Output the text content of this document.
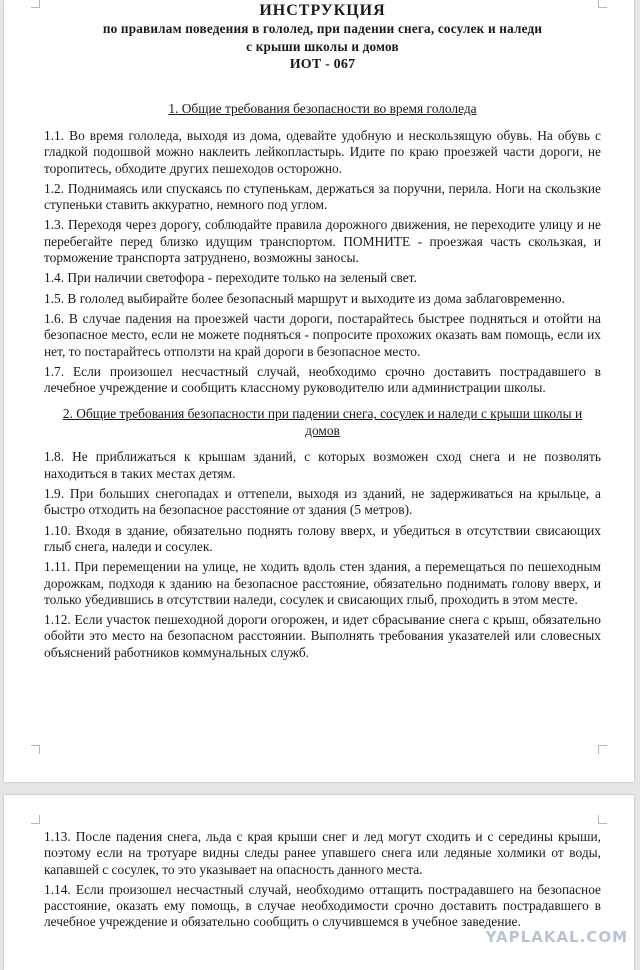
ИНСТРУКЦИЯ
по правилам поведения в гололед, при падении снега, сосулек и наледи
с крыши школы и домов
ИОТ - 067
1. Общие требования безопасности во время гололеда

1.1. Во время гололеда, выходя из дома, одевайте удобную и нескользящую обувь. На обувь с гладкой подошвой можно наклеить лейкопластырь. Идите по краю проезжей части дороги, не торопитесь, обходите других пешеходов осторожно.

1.2. Поднимаясь или спускаясь по ступенькам, держаться за поручни, перила. Ноги на скользкие ступеньки ставить аккуратно, немного под углом.

1.3. Переходя через дорогу, соблюдайте правила дорожного движения, не переходите улицу и не перебегайте перед близко идущим транспортом. ПОМНИТЕ - проезжая часть скользкая, и торможение транспорта затруднено, возможны заносы.

1.4. При наличии светофора - переходите только на зеленый свет.

1.5. В гололед выбирайте более безопасный маршрут и выходите из дома заблаговременно.

1.6. В случае падения на проезжей части дороги, постарайтесь быстрее подняться и отойти на безопасное место, если не можете подняться - попросите прохожих оказать вам помощь, если их нет, то постарайтесь отползти на край дороги в безопасное место.

1.7. Если произошел несчастный случай, необходимо срочно доставить пострадавшего в лечебное учреждение и сообщить классному руководителю или администрации школы.

2. Общие требования безопасности при падении снега, сосулек и наледи с крыши школы и домов

1.8. Не приближаться к крышам зданий, с которых возможен сход снега и не позволять находиться в таких местах детям.

1.9. При больших снегопадах и оттепели, выходя из зданий, не задерживаться на крыльце, а быстро отходить на безопасное расстояние от здания (5 метров).

1.10. Входя в здание, обязательно поднять голову вверх, и убедиться в отсутствии свисающих глыб снега, наледи и сосулек.

1.11. При перемещении на улице, не ходить вдоль стен здания, а перемещаться по пешеходным дорожкам, подходя к зданию на безопасное расстояние, обязательно поднимать голову вверх, и только убедившись в отсутствии наледи, сосулек и свисающих глыб, проходить в этом месте.

1.12. Если участок пешеходной дороги огорожен, и идет сбрасывание снега с крыш, обязательно обойти это место на безопасном расстоянии. Выполнять требования указателей или словесных объяснений работников коммунальных служб.

1.13. После падения снега, льда с края крыши снег и лед могут сходить и с середины крыши, поэтому если на тротуаре видны следы ранее упавшего снега или ледяные холмики от воды, капавшей с сосулек, то это указывает на опасность данного места.

1.14. Если произошел несчастный случай, необходимо оттащить пострадавшего на безопасное расстояние, оказать ему помощь, в случае необходимости срочно доставить пострадавшего в лечебное учреждение и обязательно сообщить о случившемся в учебное заведение.

YAPLAKAL.COM
